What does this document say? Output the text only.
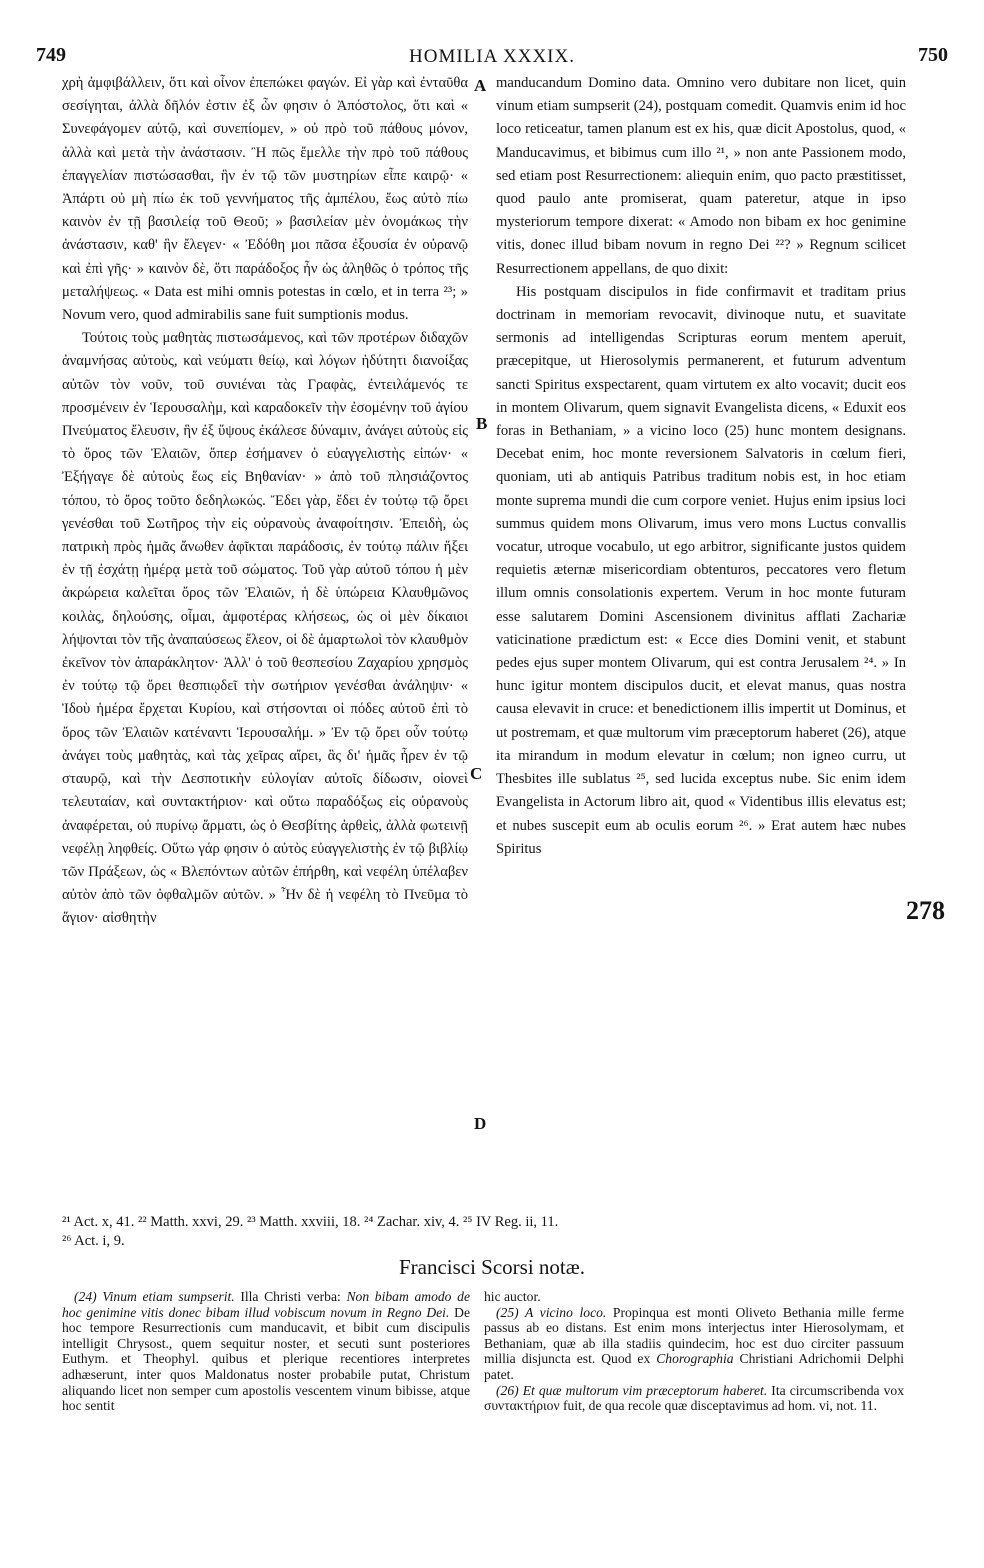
749	HOMILIA XXXIX.	750

χρὴ ἀμφιβάλλειν, ὅτι καὶ οἶνον ἐπεπώκει φαγών. Εἰ γὰρ καὶ ἐνταῦθα σεσίγηται, ἀλλὰ δῆλόν ἐστιν ἐξ ὧν φησιν ὁ Ἀπόστολος, ὅτι καὶ « Συνεφάγομεν αὐτῷ, καὶ συνεπίομεν, » οὐ πρὸ τοῦ πάθους μόνον, ἀλλὰ καὶ μετὰ τὴν ἀνάστασιν. Ἢ πῶς ἔμελλε τὴν πρὸ τοῦ πάθους ἐπαγγελίαν πιστώσασθαι, ἣν ἐν τῷ τῶν μυστηρίων εἶπε καιρῷ· « Ἀπάρτι οὐ μὴ πίω ἐκ τοῦ γεννήματος τῆς ἀμπέλου, ἕως αὐτὸ πίω καινὸν ἐν τῇ βασιλείᾳ τοῦ Θεοῦ; » βασιλείαν μὲν ὀνομάκως τὴν ἀνάστασιν, καθ' ἣν ἔλεγεν· « Ἐδόθη μοι πᾶσα ἐξουσία ἐν οὐρανῷ καὶ ἐπὶ γῆς· » καινὸν δὲ, ὅτι παράδοξος ἦν ὡς ἀληθῶς ὁ τρόπος τῆς μεταλήψεως. « Data est mihi omnis potestas in cœlo, et in terra ²³; » Novum vero, quod admirabilis sane fuit sumptionis modus.

Τούτοις τοὺς μαθητὰς πιστωσάμενος, καὶ τῶν προτέρων διδαχῶν ἀναμνήσας αὐτοὺς, καὶ νεύματι θείῳ, καὶ λόγων ἡδύτητι διανοίξας αὐτῶν τὸν νοῦν, τοῦ συνιέναι τὰς Γραφὰς, ἐντειλάμενός τε προσμένειν ἐν Ἱερουσαλὴμ, καὶ καραδοκεῖν τὴν ἐσομένην τοῦ ἁγίου Πνεύματος ἔλευσιν, ἣν ἐξ ὕψους ἐκάλεσε δύναμιν, ἀνάγει αὐτοὺς εἰς τὸ ὄρος τῶν Ἐλαιῶν, ὅπερ ἐσήμανεν ὁ εὐαγγελιστὴς εἰπών· « Ἐξήγαγε δὲ αὐτοὺς ἕως εἰς Βηθανίαν· » ἀπὸ τοῦ πλησιάζοντος τόπου, τὸ ὄρος τοῦτο δεδηλωκώς. Ἔδει γὰρ, ἔδει ἐν τούτῳ τῷ ὄρει γενέσθαι τοῦ Σωτῆρος τὴν εἰς οὐρανοὺς ἀναφοίτησιν. Ἐπειδὴ, ὡς πατρικὴ πρὸς ἡμᾶς ἄνωθεν ἀφῖκται παράδοσις, ἐν τούτῳ πάλιν ἥξει ἐν τῇ ἐσχάτῃ ἡμέρᾳ μετὰ τοῦ σώματος. Τοῦ γὰρ αὐτοῦ τόπου ἡ μὲν ἀκρώρεια καλεῖται ὄρος τῶν Ἐλαιῶν, ἡ δὲ ὑπώρεια Κλαυθμῶνος κοιλὰς, δηλούσης, οἶμαι, ἀμφοτέρας κλήσεως, ὡς οἱ μὲν δίκαιοι λήψονται τὸν τῆς ἀναπαύσεως ἔλεον, οἱ δὲ ἁμαρτωλοὶ τὸν κλαυθμὸν ἐκεῖνον τὸν ἀπαράκλητον· Ἀλλ' ὁ τοῦ θεσπεσίου Ζαχαρίου χρησμὸς ἐν τούτῳ τῷ ὄρει θεσπιῳδεῖ τὴν σωτήριον γενέσθαι ἀνάληψιν· « Ἰδοὺ ἡμέρα ἔρχεται Κυρίου, καὶ στήσονται οἱ πόδες αὐτοῦ ἐπὶ τὸ ὄρος τῶν Ἐλαιῶν κατέναντι Ἱερουσαλήμ. » Ἐν τῷ ὄρει οὖν τούτῳ ἀνάγει τοὺς μαθητὰς, καὶ τὰς χεῖρας αἴρει, ἃς δι' ἡμᾶς ἦρεν ἐν τῷ σταυρῷ, καὶ τὴν Δεσποτικὴν εὐλογίαν αὐτοῖς δίδωσιν, οἱονεὶ τελευταίαν, καὶ συντακτήριον· καὶ οὕτω παραδόξως εἰς οὐρανοὺς ἀναφέρεται, οὐ πυρίνῳ ἅρματι, ὡς ὁ Θεσβίτης ἀρθεὶς, ἀλλὰ φωτεινῇ νεφέλῃ ληφθείς. Οὕτω γάρ φησιν ὁ αὐτὸς εὐαγγελιστὴς ἐν τῷ βιβλίῳ τῶν Πράξεων, ὡς « Βλεπόντων αὐτῶν ἐπήρθη, καὶ νεφέλη ὑπέλαβεν αὐτὸν ἀπὸ τῶν ὀφθαλμῶν αὐτῶν. » Ἦν δὲ ἡ νεφέλη τὸ Πνεῦμα τὸ ἅγιον· αἰσθητὴν

manducandum Domino data. Omnino vero dubitare non licet, quin vinum etiam sumpserit (24), postquam comedit. Quamvis enim id hoc loco reticeatur, tamen planum est ex his, quæ dicit Apostolus, quod, « Manducavimus, et bibimus cum illo ²¹, » non ante Passionem modo, sed etiam post Resurrectionem: aliequin enim, quo pacto præstitisset, quod paulo ante promiserat, quam pateretur, atque in ipso mysteriorum tempore dixerat: « Amodo non bibam ex hoc genimine vitis, donec illud bibam novum in regno Dei ²²? » Regnum scilicet Resurrectionem appellans, de quo dixit:

His postquam discipulos in fide confirmavit et traditam prius doctrinam in memoriam revocavit, divinoque nutu, et suavitate sermonis ad intelligendas Scripturas eorum mentem aperuit, præcepitque, ut Hierosolymis permanerent, et futurum adventum sancti Spiritus exspectarent, quam virtutem ex alto vocavit; ducit eos in montem Olivarum, quem signavit Evangelista dicens, « Eduxit eos foras in Bethaniam, » a vicino loco (25) hunc montem designans. Decebat enim, hoc monte reversionem Salvatoris in cœlum fieri, quoniam, uti ab antiquis Patribus traditum nobis est, in hoc etiam monte suprema mundi die cum corpore veniet. Hujus enim ipsius loci summus quidem mons Olivarum, imus vero mons Luctus convallis vocatur, utroque vocabulo, ut ego arbitror, significante justos quidem requietis æternæ misericordiam obtenturos, peccatores vero fletum illum omnis consolationis expertem. Verum in hoc monte futuram esse salutarem Domini Ascensionem divinitus afflati Zachariæ vaticinatione prædictum est: « Ecce dies Domini venit, et stabunt pedes ejus super montem Olivarum, qui est contra Jerusalem ²⁴. » In hunc igitur montem discipulos ducit, et elevat manus, quas nostra causa elevavit in cruce: et benedictionem illis impertit ut Dominus, et ut postremam, et quæ multorum vim præceptorum haberet (26), atque ita mirandum in modum elevatur in cœlum; non igneo curru, ut Thesbites ille sublatus ²⁵, sed lucida exceptus nube. Sic enim idem Evangelista in Actorum libro ait, quod « Videntibus illis elevatus est; et nubes suscepit eum ab oculis eorum ²⁶. » Erat autem hæc nubes Spiritus

A
B
C
D
278
²¹ Act. x, 41. ²² Matth. xxvi, 29. ²³ Matth. xxviii, 18. ²⁴ Zachar. xiv, 4. ²⁵ IV Reg. ii, 11.
²⁶ Act. i, 9.
Francisci Scorsi notæ.

(24) Vinum etiam sumpserit. Illa Christi verba: Non bibam amodo de hoc genimine vitis donec bibam illud vobiscum novum in Regno Dei. De hoc tempore Resurrectionis cum manducavit, et bibit cum discipulis intelligit Chrysost., quem sequitur noster, et secuti sunt posteriores Euthym. et Theophyl. quibus et plerique recentiores interpretes adhæserunt, inter quos Maldonatus noster probabile putat, Christum aliquando licet non semper cum apostolis vescentem vinum bibisse, atque hoc sentit

hic auctor.

(25) A vicino loco. Propinqua est monti Oliveto Bethania mille ferme passus ab eo distans. Est enim mons interjectus inter Hierosolymam, et Bethaniam, quæ ab illa stadiis quindecim, hoc est duo circiter passuum millia disjuncta est. Quod ex Chorographia Christiani Adrichomii Delphi patet.

(26) Et quæ multorum vim præceptorum haberet. Ita circumscribenda vox συντακτήριον fuit, de qua recole quæ disceptavimus ad hom. vi, not. 11.
